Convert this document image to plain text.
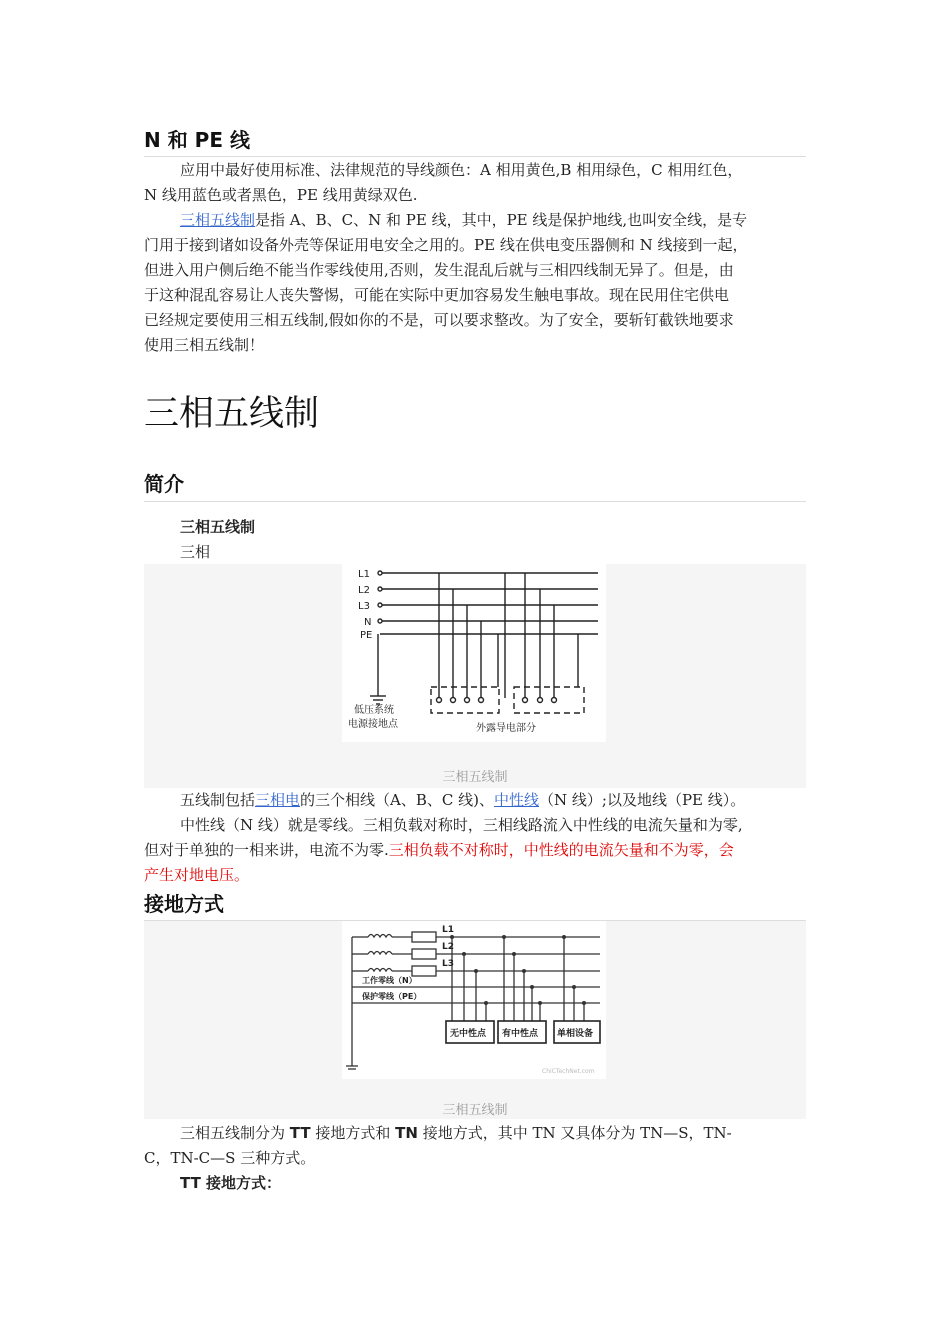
N 和 PE 线
应用中最好使用标准、法律规范的导线颜色：A 相用黄色,B 相用绿色，C 相用红色，
N 线用蓝色或者黑色，PE 线用黄绿双色.
三相五线制是指 A、B、C、N 和 PE 线，其中，PE 线是保护地线,也叫安全线，是专
门用于接到诸如设备外壳等保证用电安全之用的。PE 线在供电变压器侧和 N 线接到一起，
但进入用户侧后绝不能当作零线使用,否则，发生混乱后就与三相四线制无异了。但是，由
于这种混乱容易让人丧失警惕，可能在实际中更加容易发生触电事故。现在民用住宅供电
已经规定要使用三相五线制,假如你的不是，可以要求整改。为了安全，要斩钉截铁地要求
使用三相五线制！
三相五线制
简介
三相五线制
三相
L1
L2
L3
N
PE
低压系统
电源接地点	外露导电部分
三相五线制
五线制包括三相电的三个相线（A、B、C 线)、中性线（N 线）;以及地线（PE 线）。
中性线（N 线）就是零线。三相负载对称时，三相线路流入中性线的电流矢量和为零,
但对于单独的一相来讲，电流不为零.三相负载不对称时，中性线的电流矢量和不为零，会
产生对地电压。
接地方式
L1
L2
L3
工作零线（N）
保护零线（PE）
无中性点 有中性点 单相设备
ChiCTechNet.com
三相五线制
三相五线制分为 TT 接地方式和 TN 接地方式，其中 TN 又具体分为 TN—S，TN-
C，TN-C—S 三种方式。
TT 接地方式：
